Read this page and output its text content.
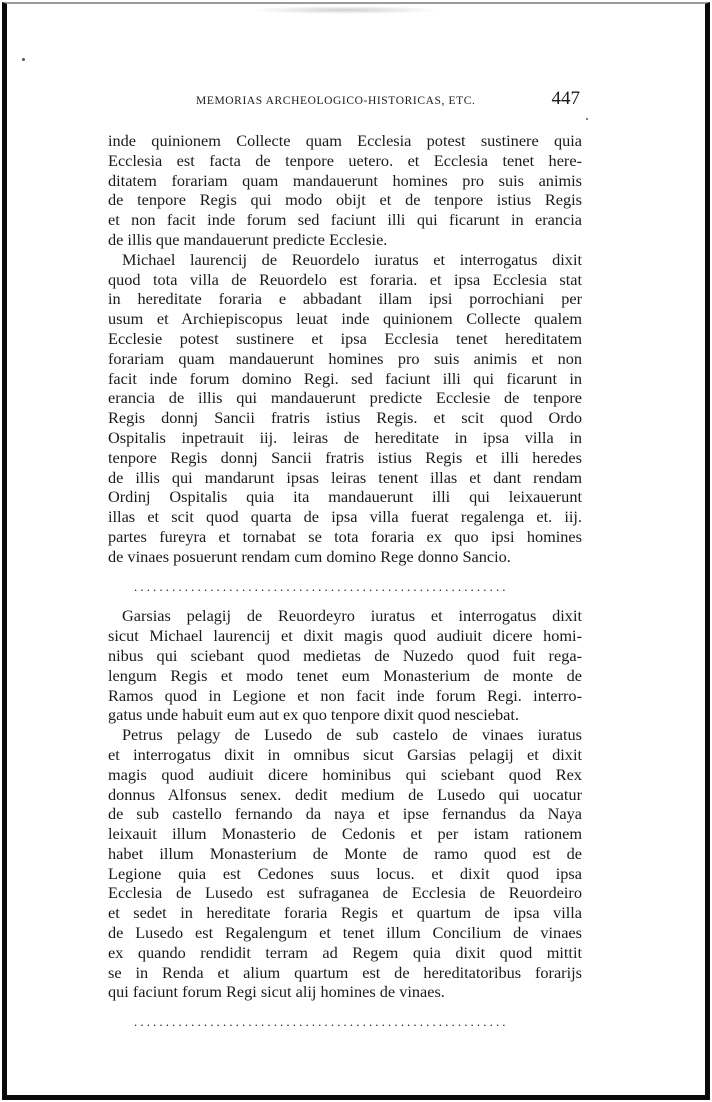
MEMORIAS ARCHEOLOGICO-HISTORICAS, ETC.	447
inde quinionem Collecte quam Ecclesia potest sustinere quia
Ecclesia est facta de tenpore uetero. et Ecclesia tenet here-
ditatem forariam quam mandauerunt homines pro suis animis
de tenpore Regis qui modo obijt et de tenpore istius Regis
et non facit inde forum sed faciunt illi qui ficarunt in erancia
de illis que mandauerunt predicte Ecclesie.
Michael laurencij de Reuordelo iuratus et interrogatus dixit
quod tota villa de Reuordelo est foraria. et ipsa Ecclesia stat
in hereditate foraria e abbadant illam ipsi porrochiani per
usum et Archiepiscopus leuat inde quinionem Collecte qualem
Ecclesie potest sustinere et ipsa Ecclesia tenet hereditatem
forariam quam mandauerunt homines pro suis animis et non
facit inde forum domino Regi. sed faciunt illi qui ficarunt in
erancia de illis qui mandauerunt predicte Ecclesie de tenpore
Regis donnj Sancii fratris istius Regis. et scit quod Ordo
Ospitalis inpetrauit iij. leiras de hereditate in ipsa villa in
tenpore Regis donnj Sancii fratris istius Regis et illi heredes
de illis qui mandarunt ipsas leiras tenent illas et dant rendam
Ordinj Ospitalis quia ita mandauerunt illi qui leixauerunt
illas et scit quod quarta de ipsa villa fuerat regalenga et. iij.
partes fureyra et tornabat se tota foraria ex quo ipsi homines
de vinaes posuerunt rendam cum domino Rege donno Sancio.
...........................................................
Garsias pelagij de Reuordeyro iuratus et interrogatus dixit
sicut Michael laurencij et dixit magis quod audiuit dicere homi-
nibus qui sciebant quod medietas de Nuzedo quod fuit rega-
lengum Regis et modo tenet eum Monasterium de monte de
Ramos quod in Legione et non facit inde forum Regi. interro-
gatus unde habuit eum aut ex quo tenpore dixit quod nesciebat.
Petrus pelagy de Lusedo de sub castelo de vinaes iuratus
et interrogatus dixit in omnibus sicut Garsias pelagij et dixit
magis quod audiuit dicere hominibus qui sciebant quod Rex
donnus Alfonsus senex. dedit medium de Lusedo qui uocatur
de sub castello fernando da naya et ipse fernandus da Naya
leixauit illum Monasterio de Cedonis et per istam rationem
habet illum Monasterium de Monte de ramo quod est de
Legione quia est Cedones suus locus. et dixit quod ipsa
Ecclesia de Lusedo est sufraganea de Ecclesia de Reuordeiro
et sedet in hereditate foraria Regis et quartum de ipsa villa
de Lusedo est Regalengum et tenet illum Concilium de vinaes
ex quando rendidit terram ad Regem quia dixit quod mittit
se in Renda et alium quartum est de hereditatoribus forarijs
qui faciunt forum Regi sicut alij homines de vinaes.
...........................................................
